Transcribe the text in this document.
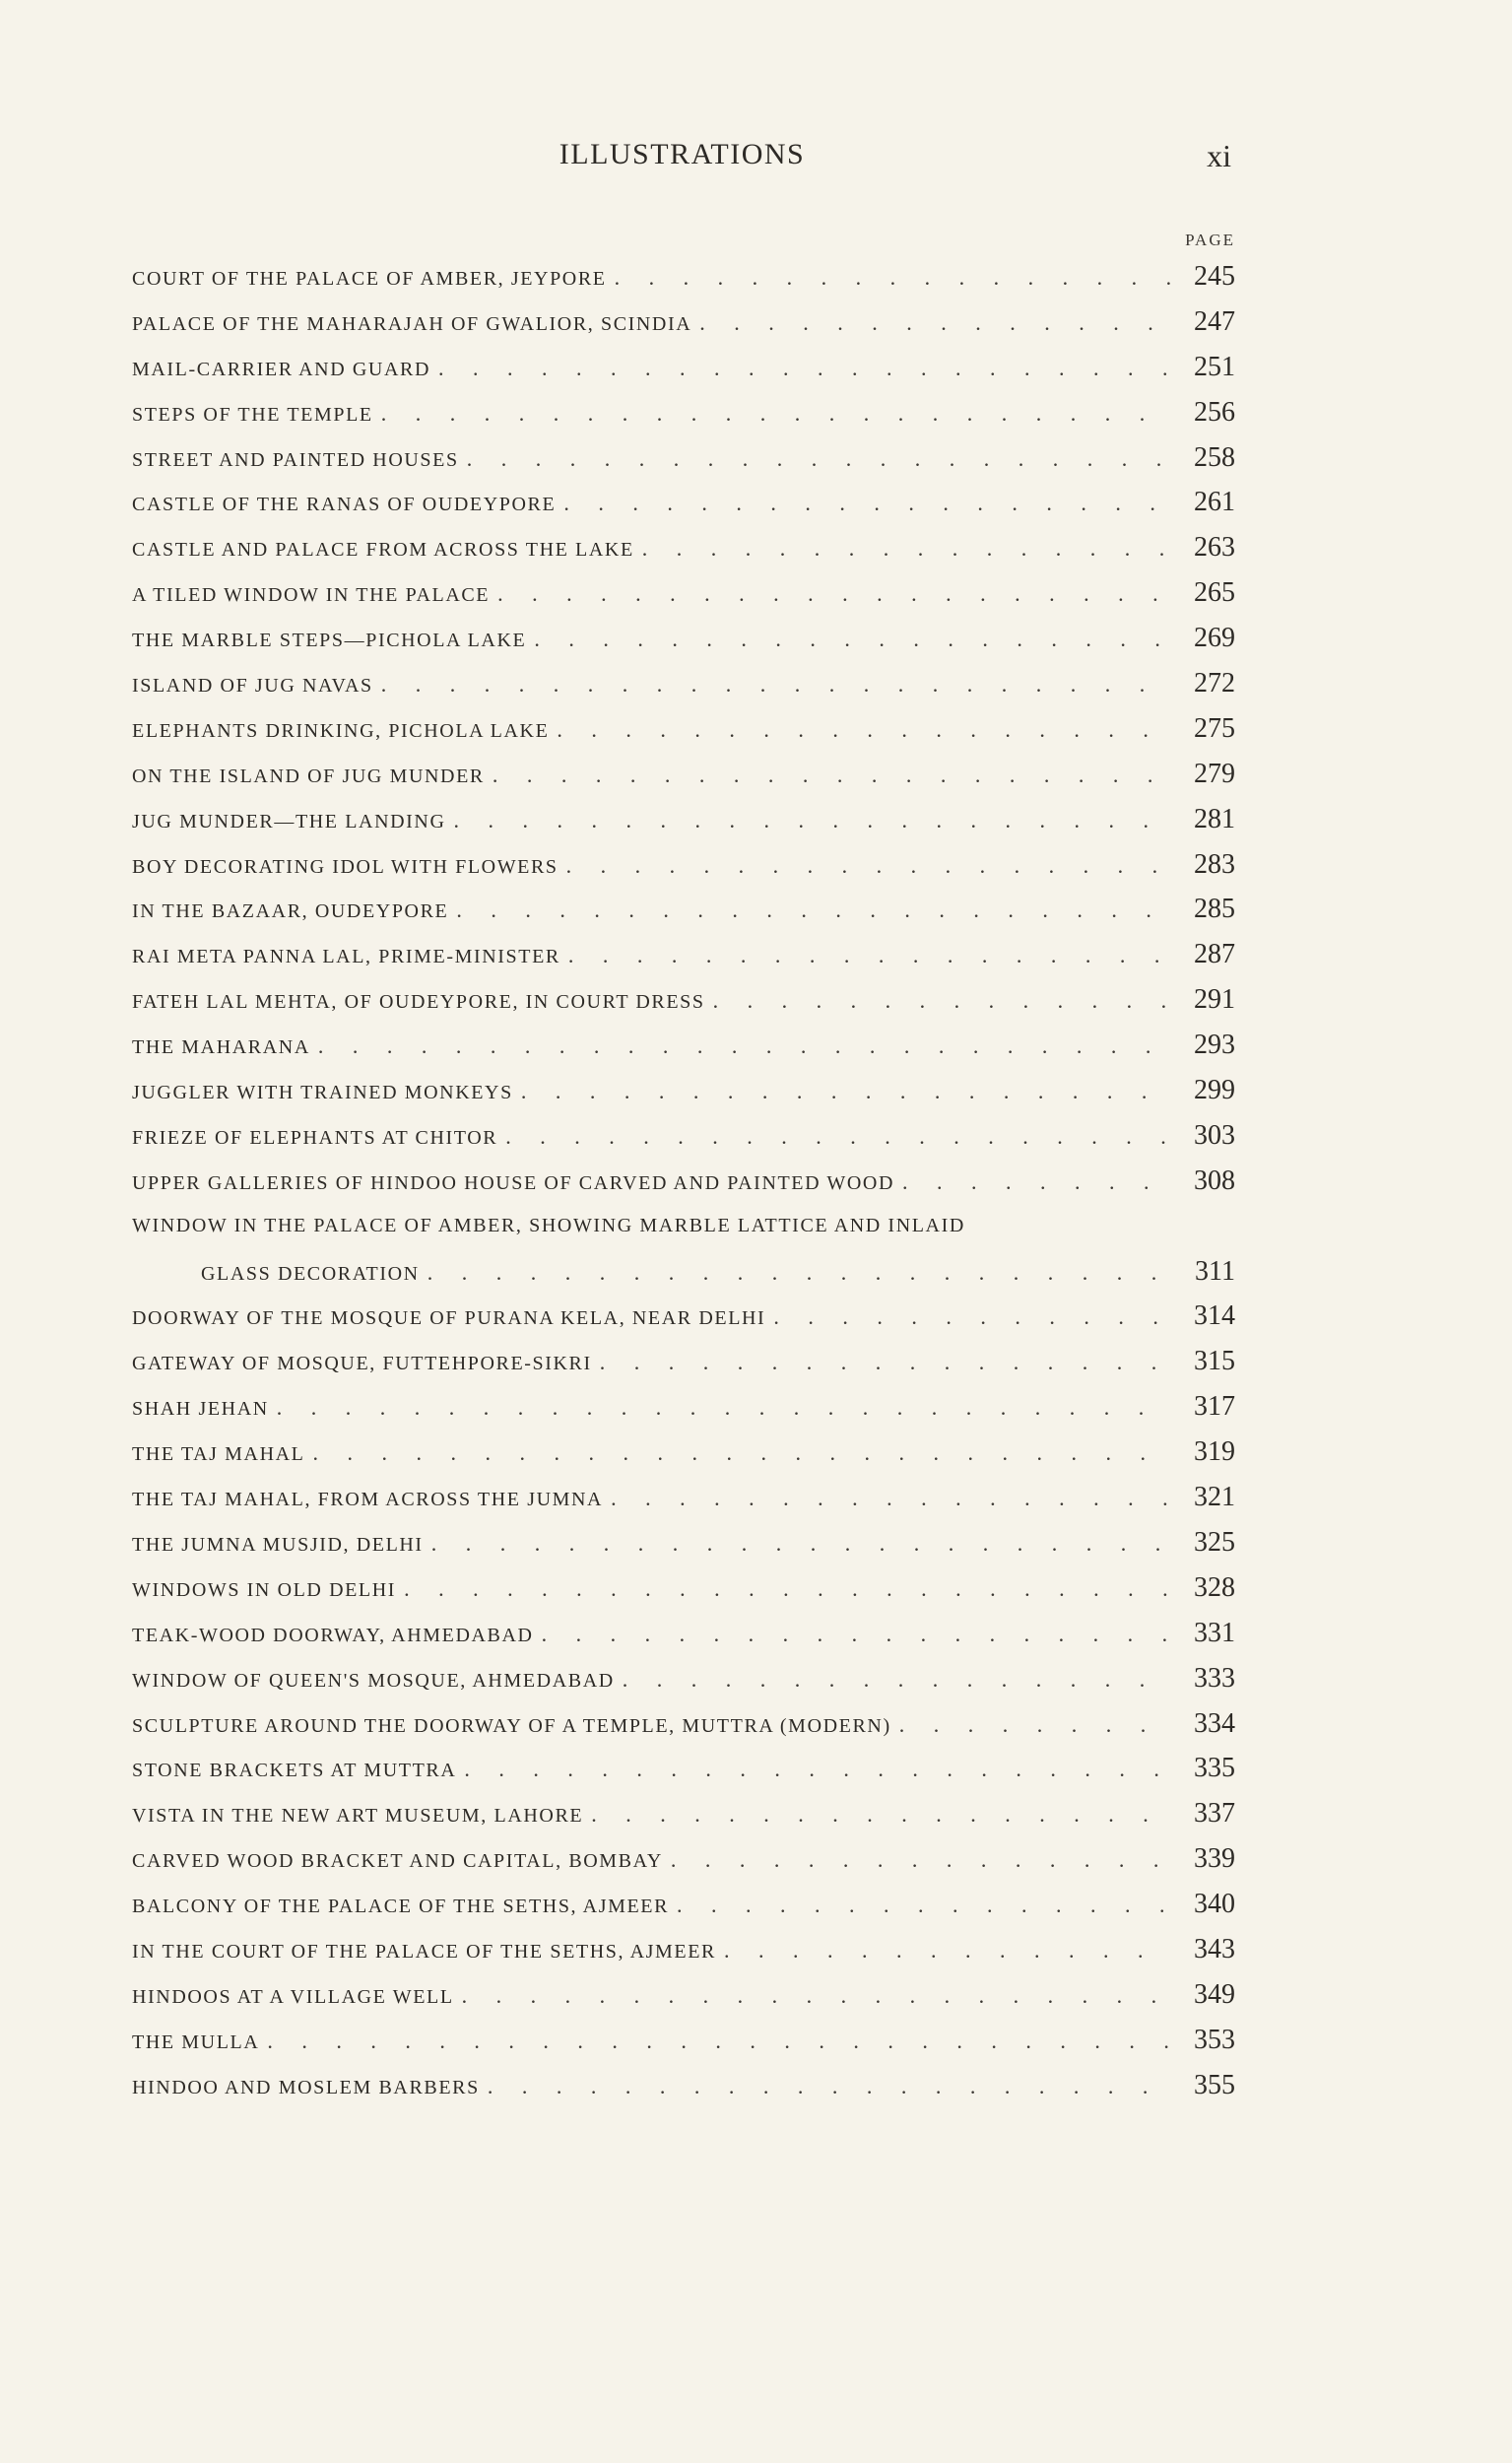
ILLUSTRATIONS	xi
PAGE
COURT OF THE PALACE OF AMBER, JEYPORE . . .	245
PALACE OF THE MAHARAJAH OF GWALIOR, SCINDIA . . .	247
MAIL-CARRIER AND GUARD . . .	251
STEPS OF THE TEMPLE . . .	256
STREET AND PAINTED HOUSES . . .	258
CASTLE OF THE RANAS OF OUDEYPORE . . .	261
CASTLE AND PALACE FROM ACROSS THE LAKE . . .	263
A TILED WINDOW IN THE PALACE . . .	265
THE MARBLE STEPS—PICHOLA LAKE . . .	269
ISLAND OF JUG NAVAS . . .	272
ELEPHANTS DRINKING, PICHOLA LAKE . . .	275
ON THE ISLAND OF JUG MUNDER . . .	279
JUG MUNDER—THE LANDING . . .	281
BOY DECORATING IDOL WITH FLOWERS . . .	283
IN THE BAZAAR, OUDEYPORE . . .	285
RAI META PANNA LAL, PRIME-MINISTER . . .	287
FATEH LAL MEHTA, OF OUDEYPORE, IN COURT DRESS . . .	291
THE MAHARANA . . .	293
JUGGLER WITH TRAINED MONKEYS . . .	299
FRIEZE OF ELEPHANTS AT CHITOR . . .	303
UPPER GALLERIES OF HINDOO HOUSE OF CARVED AND PAINTED WOOD . . .	308
WINDOW IN THE PALACE OF AMBER, SHOWING MARBLE LATTICE AND INLAID
GLASS DECORATION . . .	311
DOORWAY OF THE MOSQUE OF PURANA KELA, NEAR DELHI . . .	314
GATEWAY OF MOSQUE, FUTTEHPORE-SIKRI . . .	315
SHAH JEHAN . . .	317
THE TAJ MAHAL . . .	319
THE TAJ MAHAL, FROM ACROSS THE JUMNA . . .	321
THE JUMNA MUSJID, DELHI . . .	325
WINDOWS IN OLD DELHI . . .	328
TEAK-WOOD DOORWAY, AHMEDABAD . . .	331
WINDOW OF QUEEN'S MOSQUE, AHMEDABAD . . .	333
SCULPTURE AROUND THE DOORWAY OF A TEMPLE, MUTTRA (MODERN) . . .	334
STONE BRACKETS AT MUTTRA . . .	335
VISTA IN THE NEW ART MUSEUM, LAHORE . . .	337
CARVED WOOD BRACKET AND CAPITAL, BOMBAY . . .	339
BALCONY OF THE PALACE OF THE SETHS, AJMEER . . .	340
IN THE COURT OF THE PALACE OF THE SETHS, AJMEER . . .	343
HINDOOS AT A VILLAGE WELL . . .	349
THE MULLA . . .	353
HINDOO AND MOSLEM BARBERS . . .	355
